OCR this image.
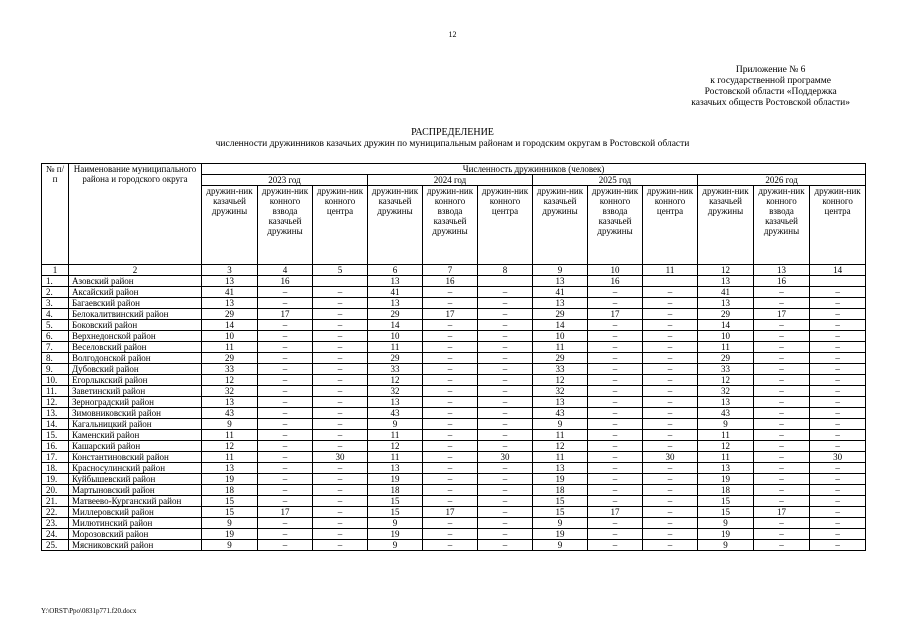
12
Приложение № 6
к государственной программе
Ростовской области «Поддержка
казачьих обществ Ростовской области»
РАСПРЕДЕЛЕНИЕ
численности дружинников казачьих дружин по муниципальным районам и городским округам в Ростовской области
№ п/п	Наименование муниципального района и городского округа	Численность дружинников (человек)											
		2023 год			2024 год			2025 год			2026 год		
		дружин-ник казачьей дружины	дружин-ник конного взвода казачьей дружины	дружин-ник конного центра	дружин-ник казачьей дружины	дружин-ник конного взвода казачьей дружины	дружин-ник конного центра	дружин-ник казачьей дружины	дружин-ник конного взвода казачьей дружины	дружин-ник конного центра	дружин-ник казачьей дружины	дружин-ник конного взвода казачьей дружины	дружин-ник конного центра
1	2	3	4	5	6	7	8	9	10	11	12	13	14
1.	Азовский район	13	16		13	16		13	16		13	16	
2.	Аксайский район	41	–	–	41	–	–	41	–	–	41	–	–
3.	Багаевский район	13	–	–	13	–	–	13	–	–	13	–	–
4.	Белокалитвинский район	29	17	–	29	17	–	29	17	–	29	17	–
5.	Боковский район	14	–	–	14	–	–	14	–	–	14	–	–
6.	Верхнедонской район	10	–	–	10	–	–	10	–	–	10	–	–
7.	Веселовский район	11	–	–	11	–	–	11	–	–	11	–	–
8.	Волгодонской район	29	–	–	29	–	–	29	–	–	29	–	–
9.	Дубовский район	33	–	–	33	–	–	33	–	–	33	–	–
10.	Егорлыкский район	12	–	–	12	–	–	12	–	–	12	–	–
11.	Заветинский район	32	–	–	32	–	–	32	–	–	32	–	–
12.	Зерноградский район	13	–	–	13	–	–	13	–	–	13	–	–
13.	Зимовниковский район	43	–	–	43	–	–	43	–	–	43	–	–
14.	Кагальницкий район	9	–	–	9	–	–	9	–	–	9	–	–
15.	Каменский район	11	–	–	11	–	–	11	–	–	11	–	–
16.	Кашарский район	12	–	–	12	–	–	12	–	–	12	–	–
17.	Константиновский район	11	–	30	11	–	30	11	–	30	11	–	30
18.	Красносулинский район	13	–	–	13	–	–	13	–	–	13	–	–
19.	Куйбышевский район	19	–	–	19	–	–	19	–	–	19	–	–
20.	Мартыновский район	18	–	–	18	–	–	18	–	–	18	–	–
21.	Матвеево-Курганский район	15	–	–	15	–	–	15	–	–	15	–	–
22.	Миллеровский район	15	17	–	15	17	–	15	17	–	15	17	–
23.	Милютинский район	9	–	–	9	–	–	9	–	–	9	–	–
24.	Морозовский район	19	–	–	19	–	–	19	–	–	19	–	–
25.	Мясниковский район	9	–	–	9	–	–	9	–	–	9	–	–
Y:\ORST\Ppo\0831p771.f20.docx
